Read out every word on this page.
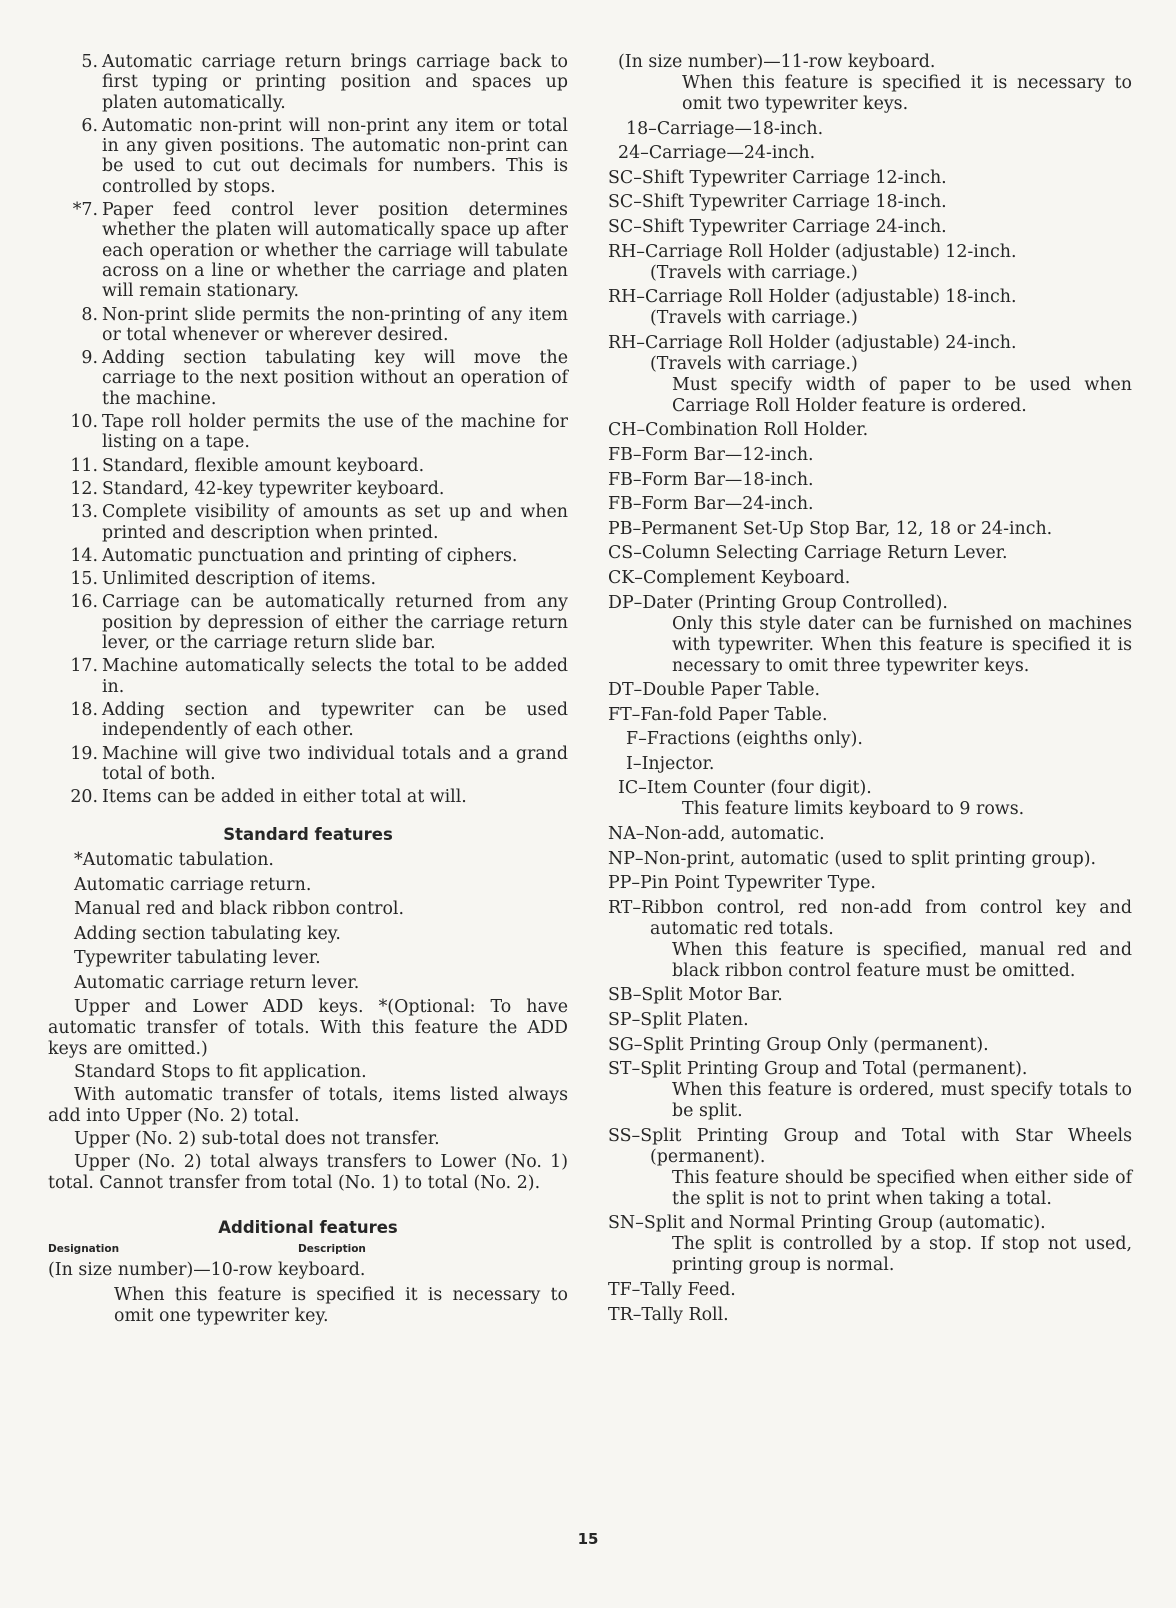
5. Automatic carriage return brings carriage back to first typing or printing position and spaces up platen automatically.
6. Automatic non-print will non-print any item or total in any given positions. The automatic non-print can be used to cut out decimals for numbers. This is controlled by stops.
*7. Paper feed control lever position determines whether the platen will automatically space up after each operation or whether the carriage will tabulate across on a line or whether the carriage and platen will remain stationary.
8. Non-print slide permits the non-printing of any item or total whenever or wherever desired.
9. Adding section tabulating key will move the carriage to the next position without an operation of the machine.
10. Tape roll holder permits the use of the machine for listing on a tape.
11. Standard, flexible amount keyboard.
12. Standard, 42-key typewriter keyboard.
13. Complete visibility of amounts as set up and when printed and description when printed.
14. Automatic punctuation and printing of ciphers.
15. Unlimited description of items.
16. Carriage can be automatically returned from any position by depression of either the carriage return lever, or the carriage return slide bar.
17. Machine automatically selects the total to be added in.
18. Adding section and typewriter can be used independently of each other.
19. Machine will give two individual totals and a grand total of both.
20. Items can be added in either total at will.
Standard features

*Automatic tabulation.

Automatic carriage return.

Manual red and black ribbon control.

Adding section tabulating key.

Typewriter tabulating lever.

Automatic carriage return lever.

Upper and Lower ADD keys. *(Optional: To have automatic transfer of totals. With this feature the ADD keys are omitted.)

Standard Stops to fit application.

With automatic transfer of totals, items listed always add into Upper (No. 2) total.

Upper (No. 2) sub-total does not transfer.

Upper (No. 2) total always transfers to Lower (No. 1) total. Cannot transfer from total (No. 1) to total (No. 2).

Additional features
Designation	Description

(In size number)—10-row keyboard.

When this feature is specified it is necessary to omit one typewriter key.

(In size number)—11-row keyboard.
When this feature is specified it is necessary to omit two typewriter keys.
18–Carriage—18-inch.
24–Carriage—24-inch.
SC–Shift Typewriter Carriage 12-inch.
SC–Shift Typewriter Carriage 18-inch.
SC–Shift Typewriter Carriage 24-inch.
RH–Carriage Roll Holder (adjustable) 12-inch.
(Travels with carriage.)
RH–Carriage Roll Holder (adjustable) 18-inch.
(Travels with carriage.)
RH–Carriage Roll Holder (adjustable) 24-inch.
(Travels with carriage.)
Must specify width of paper to be used when Carriage Roll Holder feature is ordered.
CH–Combination Roll Holder.
FB–Form Bar—12-inch.
FB–Form Bar—18-inch.
FB–Form Bar—24-inch.
PB–Permanent Set-Up Stop Bar, 12, 18 or 24-inch.
CS–Column Selecting Carriage Return Lever.
CK–Complement Keyboard.
DP–Dater (Printing Group Controlled).
Only this style dater can be furnished on machines with typewriter. When this feature is specified it is necessary to omit three typewriter keys.
DT–Double Paper Table.
FT–Fan-fold Paper Table.
F–Fractions (eighths only).
I–Injector.
IC–Item Counter (four digit).
This feature limits keyboard to 9 rows.
NA–Non-add, automatic.
NP–Non-print, automatic (used to split printing group).
PP–Pin Point Typewriter Type.
RT–Ribbon control, red non-add from control key and automatic red totals.
When this feature is specified, manual red and black ribbon control feature must be omitted.
SB–Split Motor Bar.
SP–Split Platen.
SG–Split Printing Group Only (permanent).
ST–Split Printing Group and Total (permanent).
When this feature is ordered, must specify totals to be split.
SS–Split Printing Group and Total with Star Wheels (permanent).
This feature should be specified when either side of the split is not to print when taking a total.
SN–Split and Normal Printing Group (automatic).
The split is controlled by a stop. If stop not used, printing group is normal.
TF–Tally Feed.
TR–Tally Roll.
15
